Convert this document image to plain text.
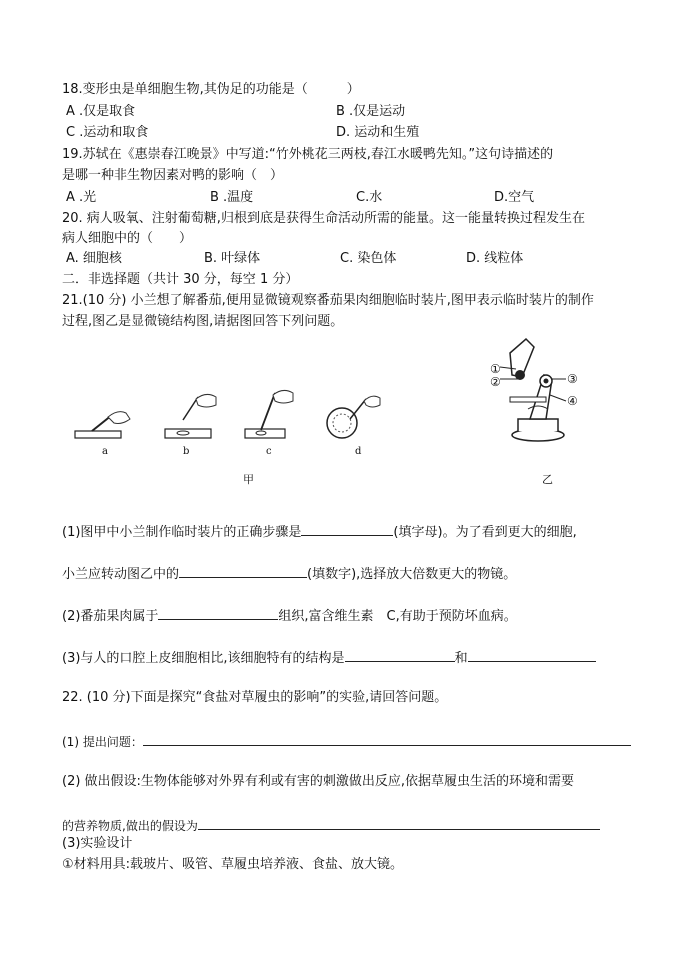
18.变形虫是单细胞生物,其伪足的功能是（　　　）
A .仅是取食	B .仅是运动
C .运动和取食	D. 运动和生殖
19.苏轼在《惠崇春江晚景》中写道:“竹外桃花三两枝,春江水暖鸭先知。”这句诗描述的
是哪一种非生物因素对鸭的影响（　）
A .光	B .温度	C.水	D.空气
20. 病人吸氧、注射葡萄糖,归根到底是获得生命活动所需的能量。这一能量转换过程发生在
病人细胞中的（　　）
A. 细胞核	B. 叶绿体	C. 染色体	D. 线粒体
二．非选择题（共计 30 分，每空 1 分）
21.(10 分) 小兰想了解番茄,便用显微镜观察番茄果肉细胞临时装片,图甲表示临时装片的制作
过程,图乙是显微镜结构图,请据图回答下列问题。
a	b	c	d
甲
①
②	③
④
乙
(1)图甲中小兰制作临时装片的正确步骤是	(填字母)。为了看到更大的细胞,
小兰应转动图乙中的	(填数字),选择放大倍数更大的物镜。
(2)番茄果肉属于	组织,富含维生素　C,有助于预防坏血病。
(3)与人的口腔上皮细胞相比,该细胞特有的结构是	和
22. (10 分)下面是探究“食盐对草履虫的影响”的实验,请回答问题。
(1) 提出问题：
(2) 做出假设:生物体能够对外界有利或有害的刺激做出反应,依据草履虫生活的环境和需要
的营养物质,做出的假设为
(3)实验设计
①材料用具:载玻片、吸管、草履虫培养液、食盐、放大镜。
